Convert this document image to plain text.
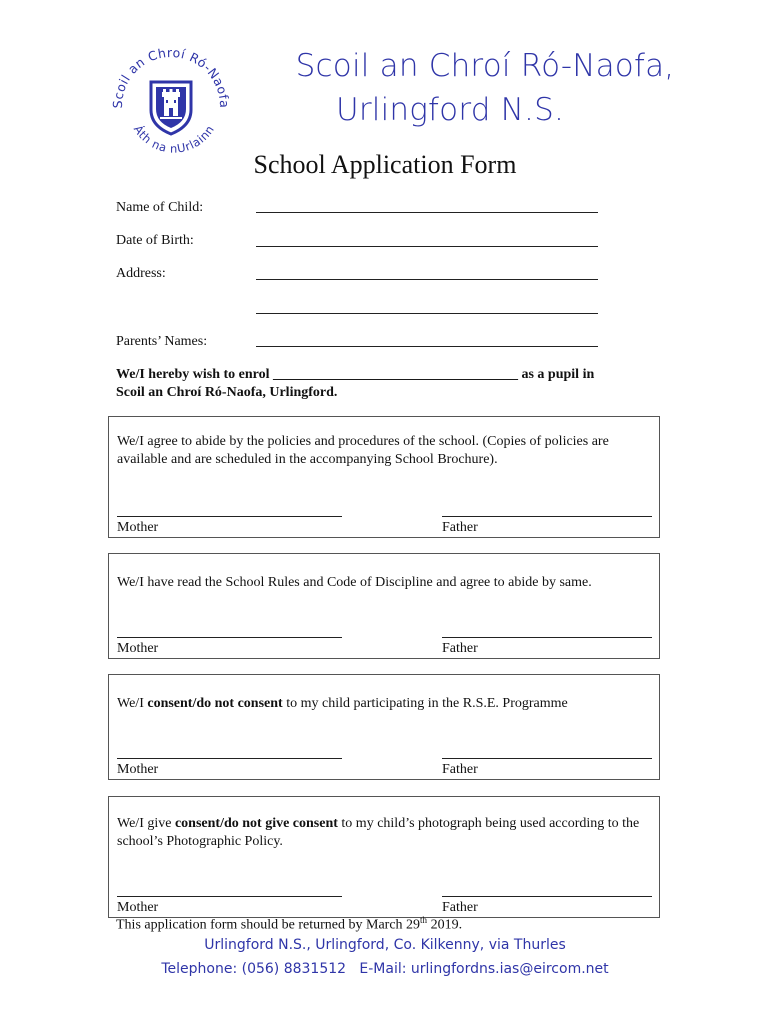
Scoil an Chroí Ró-Naofa
Áth na nUrlainn
Scoil an Chroí Ró-Naofa,
Urlingford N.S.
School Application Form
Name of Child:
Date of Birth:
Address:
Parents’ Names:
We/I hereby wish to enrol ___________________________________ as a pupil in
Scoil an Chroí Ró-Naofa, Urlingford.
We/I agree to abide by the policies and procedures of the school. (Copies of policies are available and are scheduled in the accompanying School Brochure).
Mother	Father
We/I have read the School Rules and Code of Discipline and agree to abide by same.
Mother	Father
We/I consent/do not consent to my child participating in the R.S.E. Programme
Mother	Father
We/I give consent/do not give consent to my child’s photograph being used according to the school’s Photographic Policy.
Mother	Father
This application form should be returned by March 29th 2019.
Urlingford N.S., Urlingford, Co. Kilkenny, via Thurles
Telephone: (056) 8831512   E-Mail: urlingfordns.ias@eircom.net
